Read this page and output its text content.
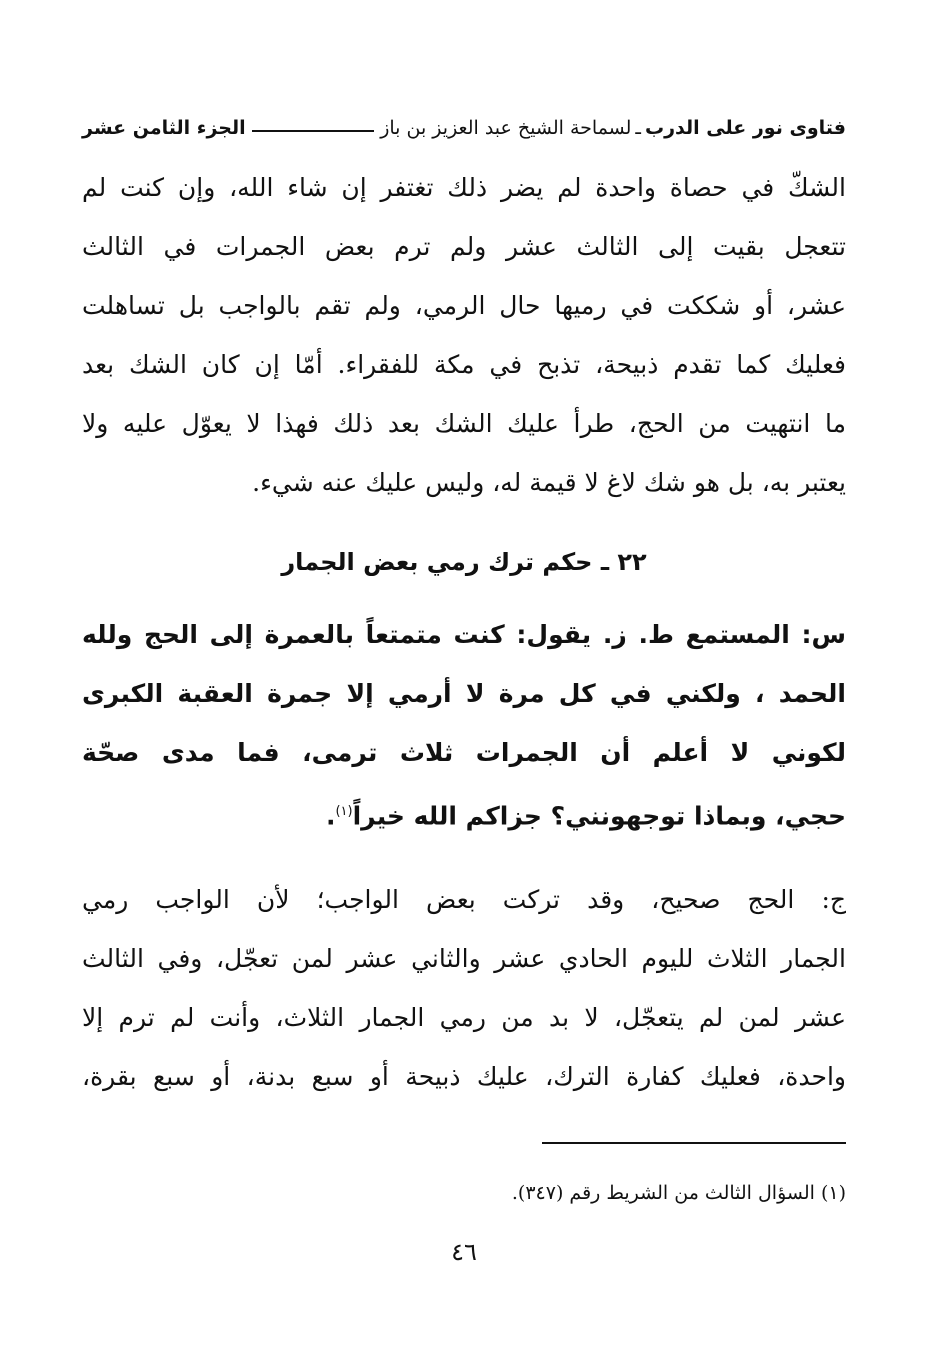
فتاوى نور على الدرب
ـ
لسماحة الشيخ عبد العزيز بن باز
الجزء الثامن عشر
الشكّ في حصاة واحدة لم يضر ذلك تغتفر إن شاء الله، وإن كنت لم
تتعجل بقيت إلى الثالث عشر ولم ترم بعض الجمرات في الثالث
عشر، أو شككت في رميها حال الرمي، ولم تقم بالواجب بل تساهلت
فعليك كما تقدم ذبيحة، تذبح في مكة للفقراء. أمّا إن كان الشك بعد
ما انتهيت من الحج، طرأ عليك الشك بعد ذلك فهذا لا يعوّل عليه ولا
يعتبر به، بل هو شك لاغ لا قيمة له، وليس عليك عنه شيء.
٢٢ ـ حكم ترك رمي بعض الجمار
س: المستمع ط. ز. يقول: كنت متمتعاً بالعمرة إلى الحج ولله
الحمد ، ولكني في كل مرة لا أرمي إلا جمرة العقبة الكبرى
لكوني لا أعلم أن الجمرات ثلاث ترمى، فما مدى صحّة
حجي، وبماذا توجهونني؟ جزاكم الله خيراً$^{(١)}$.
ج: الحج صحيح، وقد تركت بعض الواجب؛ لأن الواجب رمي
الجمار الثلاث لليوم الحادي عشر والثاني عشر لمن تعجّل، وفي الثالث
عشر لمن لم يتعجّل، لا بد من رمي الجمار الثلاث، وأنت لم ترم إلا
واحدة، فعليك كفارة الترك، عليك ذبيحة أو سبع بدنة، أو سبع بقرة،
(١) السؤال الثالث من الشريط رقم (٣٤٧).
٤٦
